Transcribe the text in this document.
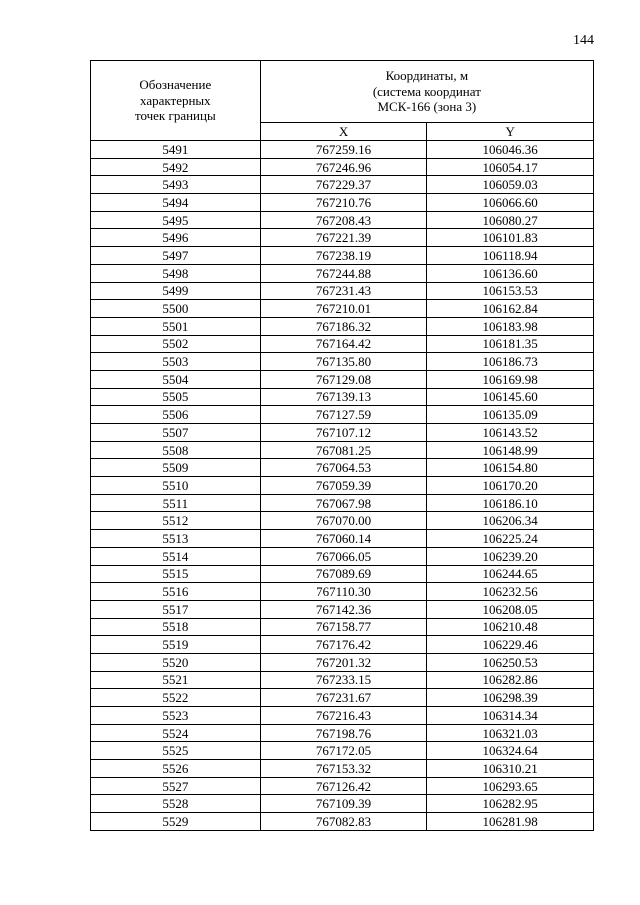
144
Обозначение
характерных
точек границы	Координаты, м
(система координат
МСК-166 (зона 3)	
	X	Y
5491	767259.16	106046.36
5492	767246.96	106054.17
5493	767229.37	106059.03
5494	767210.76	106066.60
5495	767208.43	106080.27
5496	767221.39	106101.83
5497	767238.19	106118.94
5498	767244.88	106136.60
5499	767231.43	106153.53
5500	767210.01	106162.84
5501	767186.32	106183.98
5502	767164.42	106181.35
5503	767135.80	106186.73
5504	767129.08	106169.98
5505	767139.13	106145.60
5506	767127.59	106135.09
5507	767107.12	106143.52
5508	767081.25	106148.99
5509	767064.53	106154.80
5510	767059.39	106170.20
5511	767067.98	106186.10
5512	767070.00	106206.34
5513	767060.14	106225.24
5514	767066.05	106239.20
5515	767089.69	106244.65
5516	767110.30	106232.56
5517	767142.36	106208.05
5518	767158.77	106210.48
5519	767176.42	106229.46
5520	767201.32	106250.53
5521	767233.15	106282.86
5522	767231.67	106298.39
5523	767216.43	106314.34
5524	767198.76	106321.03
5525	767172.05	106324.64
5526	767153.32	106310.21
5527	767126.42	106293.65
5528	767109.39	106282.95
5529	767082.83	106281.98
